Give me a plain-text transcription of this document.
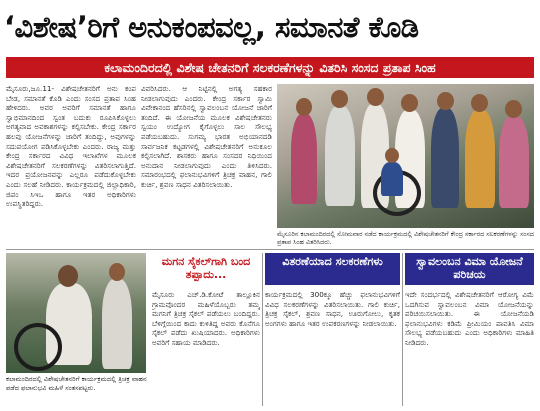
‘ವಿಶೇಷ’ರಿಗೆ ಅನುಕಂಪವಲ್ಲ, ಸಮಾನತೆ ಕೊಡಿ
ಕಲಾಮಂದಿರದಲ್ಲಿ ವಿಶೇಷ ಚೇತನರಿಗೆ ಸಲಕರಣೆಗಳನ್ನು ವಿತರಿಸಿ ಸಂಸದ ಪ್ರತಾಪ ಸಿಂಹ
ಮೈಸೂರು,ಜೂ.11- ವಿಶೇಷಚೇತನರಿಗೆ ಅನು ಕಂಪ ಬೇಡ, ಸಮಾನತೆ ಕೊಡಿ ಎಂದು ಸಂಸದ ಪ್ರತಾಪ ಸಿಂಹ ಹೇಳಿದರು. ಅವರ ಅವರಿಗೆ ಸಮಾನತೆ ಹಾಗೂ ಸ್ವಾಭಿಮಾನದಿಂದ ಸ್ವಂತ ಬದುಕು ರೂಪಿಸಿಕೊಳ್ಳಲು ಅಗತ್ಯವಾದ ಅವಕಾಶಗಳನ್ನು ಕಲ್ಪಿಸಬೇಕು. ಕೇಂದ್ರ ಸರ್ಕಾರ ಹಲವು ಯೋಜನೆಗಳನ್ನು ಜಾರಿಗೆ ತಂದಿದ್ದು, ಅವುಗಳನ್ನು ಸದುಪಯೋಗ ಪಡಿಸಿಕೊಳ್ಳಬೇಕು ಎಂದರು. ರಾಜ್ಯ ಮತ್ತು ಕೇಂದ್ರ ಸರ್ಕಾರದ ವಿವಿಧ ಇಲಾಖೆಗಳ ಮೂಲಕ ವಿಶೇಷಚೇತನರಿಗೆ ಸಲಕರಣೆಗಳನ್ನು ವಿತರಿಸಲಾಗುತ್ತಿದೆ. ಇದರ ಪ್ರಯೋಜನವನ್ನು ಎಲ್ಲರೂ ಪಡೆದುಕೊಳ್ಳಬೇಕು ಎಂದು ಸಲಹೆ ನೀಡಿದರು. ಕಾರ್ಯಕ್ರಮದಲ್ಲಿ ಜಿಲ್ಲಾಧಿಕಾರಿ, ಜಿಪಂ ಸಿಇಒ ಹಾಗೂ ಇತರ ಅಧಿಕಾರಿಗಳು ಉಪಸ್ಥಿತರಿದ್ದರು.
ವಿವರಿಸಿದರು. ಆ ನಿಟ್ಟಿನಲ್ಲಿ ಅಗತ್ಯ ಸಹಕಾರ ನೀಡಲಾಗುವುದು ಎಂದರು. ಕೇಂದ್ರ ಸರ್ಕಾರ ಸ್ವಾಮಿ ವಿವೇಕಾನಂದ ಹೆಸರಿನಲ್ಲಿ ಸ್ವಾವಲಂಬನ ಯೋಜನೆ ಜಾರಿಗೆ ತಂದಿದೆ. ಈ ಯೋಜನೆಯ ಮೂಲಕ ವಿಶೇಷಚೇತನರು ಸ್ವಯಂ ಉದ್ಯೋಗ ಕೈಗೊಳ್ಳಲು ಸಾಲ ಸೌಲಭ್ಯ ಪಡೆಯಬಹುದು. ಸುಗಮ್ಯ ಭಾರತ ಅಭಿಯಾನದಡಿ ಸಾರ್ವಜನಿಕ ಕಟ್ಟಡಗಳಲ್ಲಿ ವಿಶೇಷಚೇತನರಿಗೆ ಅನುಕೂಲ ಕಲ್ಪಿಸಲಾಗಿದೆ. ಶಾಸಕರು ಹಾಗೂ ಸಂಸದರ ನಿಧಿಯಿಂದ ಅನುದಾನ ನೀಡಲಾಗುವುದು ಎಂದು ತಿಳಿಸಿದರು. ಸಮಾರಂಭದಲ್ಲಿ ಫಲಾನುಭವಿಗಳಿಗೆ ತ್ರಿಚಕ್ರ ವಾಹನ, ಗಾಲಿ ಕುರ್ಚಿ, ಶ್ರವಣ ಸಾಧನ ವಿತರಿಸಲಾಯಿತು.
ಮೈಸೂರಿನ ಕಲಾಮಂದಿರದಲ್ಲಿ ಸೋಮವಾರ ನಡೆದ ಕಾರ್ಯಕ್ರಮದಲ್ಲಿ ವಿಶೇಷಚೇತನರಿಗೆ ಕೇಂದ್ರ ಸರ್ಕಾರದ ಸಲಕರಣೆಗಳನ್ನು ಸಂಸದ ಪ್ರತಾಪ ಸಿಂಹ ವಿತರಿಸಿದರು.
ಕಲಾಮಂದಿರದಲ್ಲಿ ವಿಶೇಷಚೇತನರಿಗೆ ಕಾರ್ಯಕ್ರಮದಲ್ಲಿ ತ್ರಿಚಕ್ರ ವಾಹನ ಪಡೆದ ಫಲಾನುಭವಿ ಮಹಿಳೆ ಸಂತಸಪಟ್ಟರು.
ಮಗನ ಸೈಕಲ್‌ಗಾಗಿ ಬಂದ ತಪ್ಪಾದು...
ವಿತರಣೆಯಾದ ಸಲಕರಣೆಗಳು	ಸ್ವಾವಲಂಬನ ವಿಮಾ ಯೋಜನೆ ಪರಿಚಯ
ಮೈಸೂರು ಎಚ್.ಡಿ.ಕೋಟೆ ತಾಲ್ಲೂಕಿನ ಗ್ರಾಮವೊಂದರ ಮಹಿಳೆಯೊಬ್ಬರು ತಮ್ಮ ಮಗನಿಗೆ ತ್ರಿಚಕ್ರ ಸೈಕಲ್ ಪಡೆಯಲು ಬಂದಿದ್ದರು. ಬೆಳಿಗ್ಗೆಯಿಂದ ಕಾದು ಕುಳಿತಿದ್ದ ಅವರು ಕೊನೆಗೂ ಸೈಕಲ್ ಪಡೆದು ಖುಷಿಯಾದರು. ಅಧಿಕಾರಿಗಳು ಅವರಿಗೆ ಸಹಾಯ ಮಾಡಿದರು.
ಕಾರ್ಯಕ್ರಮದಲ್ಲಿ 300ಕ್ಕೂ ಹೆಚ್ಚು ಫಲಾನುಭವಿಗಳಿಗೆ ವಿವಿಧ ಸಲಕರಣೆಗಳನ್ನು ವಿತರಿಸಲಾಯಿತು. ಗಾಲಿ ಕುರ್ಚಿ, ತ್ರಿಚಕ್ರ ಸೈಕಲ್, ಶ್ರವಣ ಸಾಧನ, ಊರುಗೋಲು, ಕೃತಕ ಅಂಗಗಳು ಹಾಗೂ ಇತರ ಉಪಕರಣಗಳನ್ನು ನೀಡಲಾಯಿತು.
ಇದೇ ಸಂದರ್ಭದಲ್ಲಿ ವಿಶೇಷಚೇತನರಿಗೆ ಆರೋಗ್ಯ ವಿಮೆ ಒದಗಿಸುವ ಸ್ವಾವಲಂಬನ ವಿಮಾ ಯೋಜನೆಯನ್ನು ಪರಿಚಯಿಸಲಾಯಿತು. ಈ ಯೋಜನೆಯಡಿ ಫಲಾನುಭವಿಗಳು ಕಡಿಮೆ ಪ್ರೀಮಿಯಂ ಪಾವತಿಸಿ ವಿಮಾ ಸೌಲಭ್ಯ ಪಡೆಯಬಹುದು ಎಂದು ಅಧಿಕಾರಿಗಳು ಮಾಹಿತಿ ನೀಡಿದರು.
